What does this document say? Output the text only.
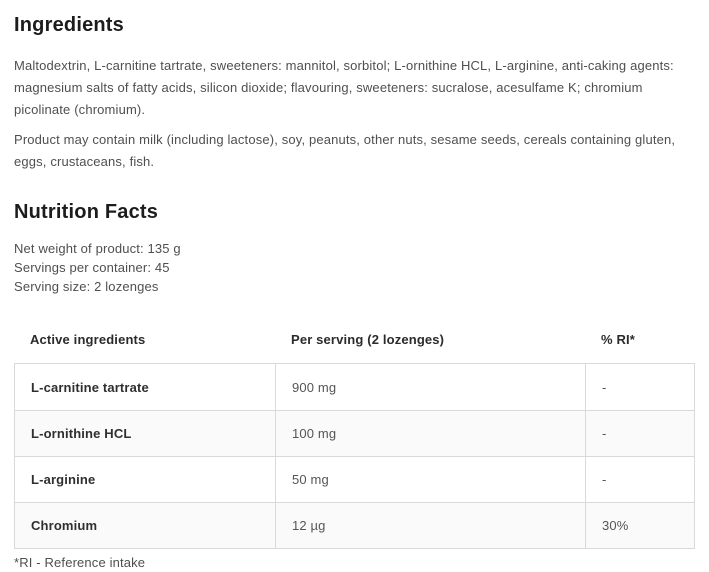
Ingredients

Maltodextrin, L-carnitine tartrate, sweeteners: mannitol, sorbitol; L-ornithine HCL, L-arginine, anti-caking agents: magnesium salts of fatty acids, silicon dioxide; flavouring, sweeteners: sucralose, acesulfame K; chromium picolinate (chromium).

Product may contain milk (including lactose), soy, peanuts, other nuts, sesame seeds, cereals containing gluten, eggs, crustaceans, fish.

Nutrition Facts
Net weight of product: 135 g
Servings per container: 45
Serving size: 2 lozenges
Active ingredients	Per serving (2 lozenges)	% RI*
L-carnitine tartrate	900 mg	-
L-ornithine HCL	100 mg	-
L-arginine	50 mg	-
Chromium	12 µg	30%
*RI - Reference intake
